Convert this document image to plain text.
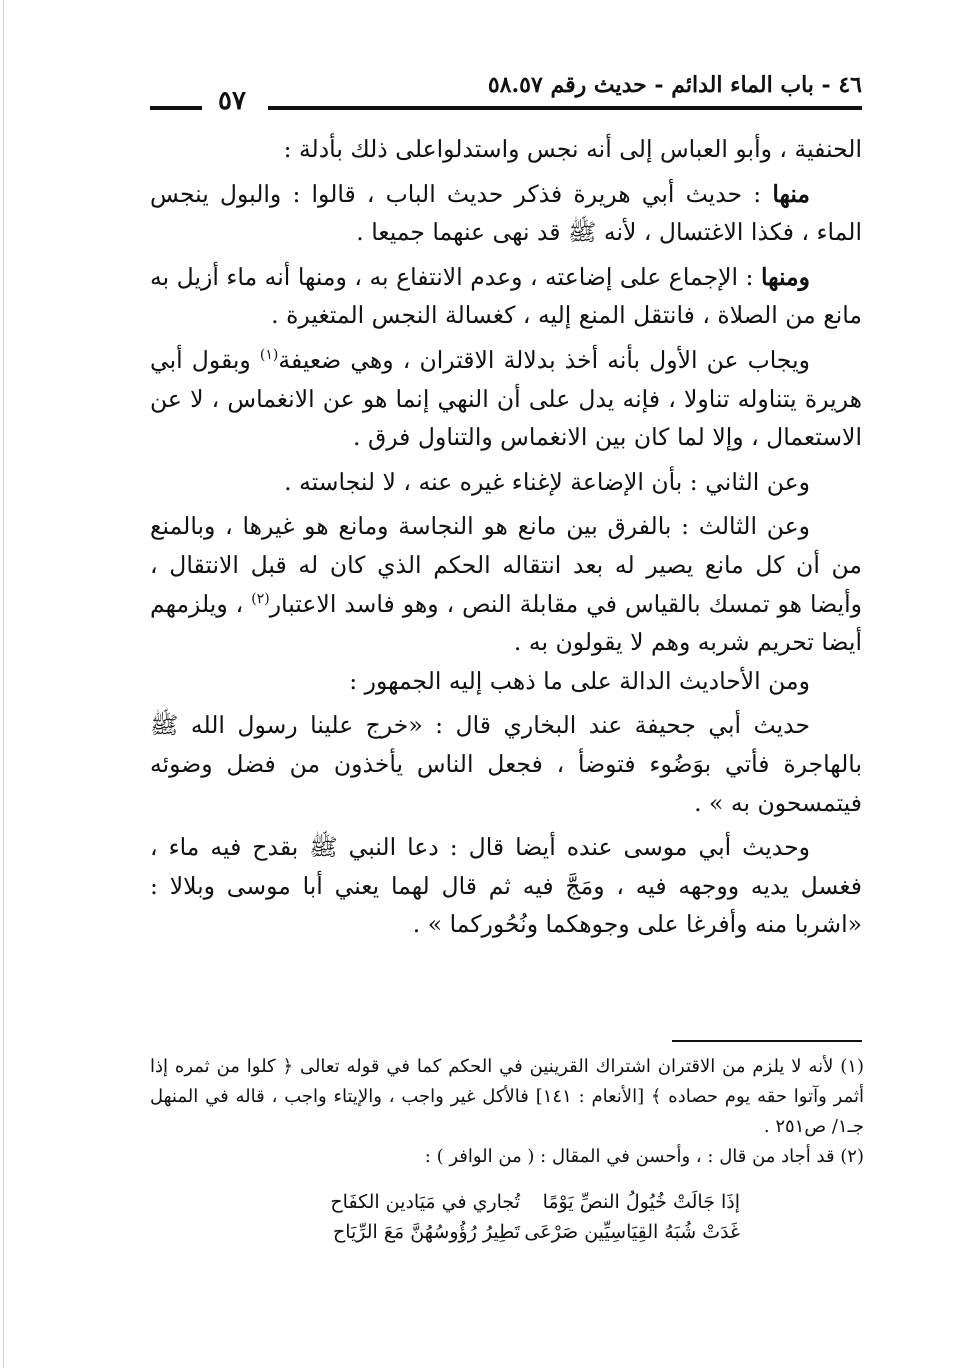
٤٦ - باب الماء الدائم - حديث رقم ٥٨.٥٧
٥٧

الحنفية ، وأبو العباس إلى أنه نجس واستدلواعلى ذلك بأدلة :

منها : حديث أبي هريرة فذكر حديث الباب ، قالوا : والبول ينجس الماء ، فكذا الاغتسال ، لأنه ﷺ قد نهى عنهما جميعا .

ومنها : الإجماع على إضاعته ، وعدم الانتفاع به ، ومنها أنه ماء أزيل به مانع من الصلاة ، فانتقل المنع إليه ، كغسالة النجس المتغيرة .

ويجاب عن الأول بأنه أخذ بدلالة الاقتران ، وهي ضعيفة$^{(١)}$ وبقول أبي هريرة يتناوله تناولا ، فإنه يدل على أن النهي إنما هو عن الانغماس ، لا عن الاستعمال ، وإلا لما كان بين الانغماس والتناول فرق .

وعن الثاني : بأن الإضاعة لإغناء غيره عنه ، لا لنجاسته .

وعن الثالث : بالفرق بين مانع هو النجاسة ومانع هو غيرها ، وبالمنع من أن كل مانع يصير له بعد انتقاله الحكم الذي كان له قبل الانتقال ، وأيضا هو تمسك بالقياس في مقابلة النص ، وهو فاسد الاعتبار$^{(٢)}$ ، ويلزمهم أيضا تحريم شربه وهم لا يقولون به .

ومن الأحاديث الدالة على ما ذهب إليه الجمهور :

حديث أبي جحيفة عند البخاري قال : «خرج علينا رسول الله ﷺ بالهاجرة فأتي بوَضُوء فتوضأ ، فجعل الناس يأخذون من فضل وضوئه فيتمسحون به » .

وحديث أبي موسى عنده أيضا قال : دعا النبي ﷺ بقدح فيه ماء ، فغسل يديه ووجهه فيه ، ومَجَّ فيه ثم قال لهما يعني أبا موسى وبلالا : «اشربا منه وأفرغا على وجوهكما ونُحُوركما » .

(١) لأنه لا يلزم من الاقتران اشتراك القرينين في الحكم كما في قوله تعالى ﴿ كلوا من ثمره إذا أثمر وآتوا حقه يوم حصاده ﴾ [الأنعام : ١٤١] فالأكل غير واجب ، والإيتاء واجب ، قاله في المنهل جـ١/ ص٢٥١ .

(٢) قد أجاد من قال : ، وأحسن في المقال : ( من الوافر ) :

إذَا جَالَتْ خُيُولُ النصِّ يَوْمًاتُجاري في مَيَادين الكفَاح
غَدَتْ شُبَهُ القِيَاسِيِّين صَرْعَىتَطِيرُ رُؤُوسُهُنَّ مَعَ الرِّيَاح
